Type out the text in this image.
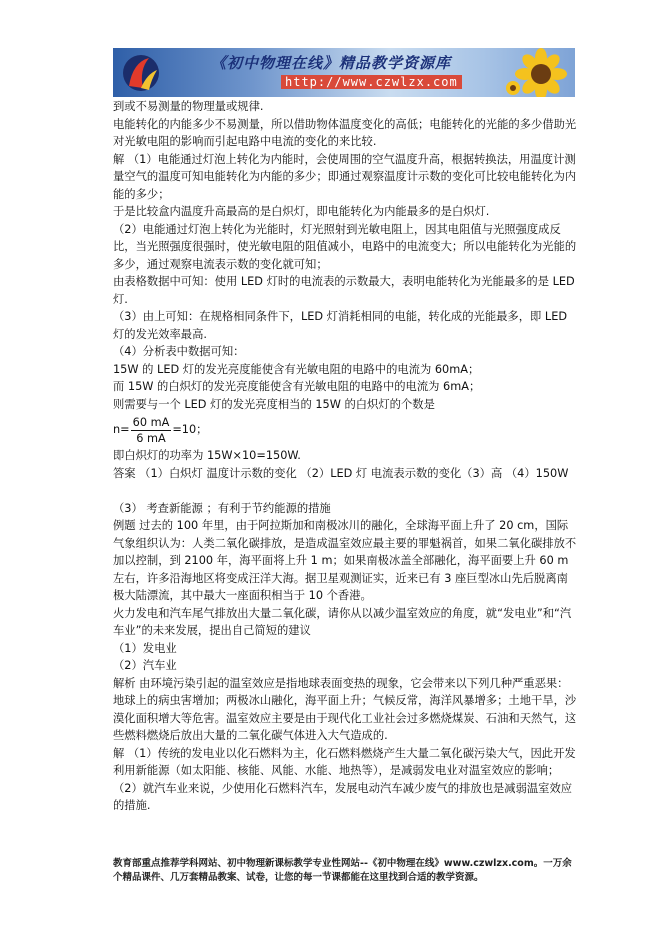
《初中物理在线》精品教学资源库
http://www.czwlzx.com

到或不易测量的物理量或规律.

电能转化的内能多少不易测量，所以借助物体温度变化的高低；电能转化的光能的多少借助光对光敏电阻的影响而引起电路中电流的变化的来比较.

解 （1）电能通过灯泡上转化为内能时，会使周围的空气温度升高，根据转换法，用温度计测量空气的温度可知电能转化为内能的多少；即通过观察温度计示数的变化可比较电能转化为内能的多少；

于是比较盒内温度升高最高的是白炽灯，即电能转化为内能最多的是白炽灯.

（2）电能通过灯泡上转化为光能时，灯光照射到光敏电阻上，因其电阻值与光照强度成反比，当光照强度很强时，使光敏电阻的阻值减小，电路中的电流变大；所以电能转化为光能的多少，通过观察电流表示数的变化就可知；

由表格数据中可知：使用 LED 灯时的电流表的示数最大，表明电能转化为光能最多的是 LED 灯.

（3）由上可知：在规格相同条件下，LED 灯消耗相同的电能，转化成的光能最多，即 LED 灯的发光效率最高.

（4）分析表中数据可知：

15W 的 LED 灯的发光亮度能使含有光敏电阻的电路中的电流为 60mA；

而 15W 的白炽灯的发光亮度能使含有光敏电阻的电路中的电流为 6mA；

则需要与一个 LED 灯的发光亮度相当的 15W 的白炽灯的个数是

$n= \frac{60 mA}{6 mA} =10$；

即白炽灯的功率为 15W×10=150W.

答案 （1）白炽灯 温度计示数的变化 （2）LED 灯 电流表示数的变化（3）高 （4）150W

（3） 考查新能源 ；有利于节约能源的措施

例题 过去的 100 年里，由于阿拉斯加和南极冰川的融化，全球海平面上升了 20 cm，国际气象组织认为：人类二氧化碳排放，是造成温室效应最主要的罪魁祸首，如果二氧化碳排放不加以控制，到 2100 年，海平面将上升 1 m；如果南极冰盖全部融化，海平面要上升 60 m 左右，许多沿海地区将变成汪洋大海。据卫星观测证实，近来已有 3 座巨型冰山先后脱离南极大陆漂流，其中最大一座面积相当于 10 个香港。

火力发电和汽车尾气排放出大量二氧化碳，请你从以减少温室效应的角度，就“发电业”和“汽车业”的未来发展，提出自己简短的建议

（1）发电业

（2）汽车业

解析 由环境污染引起的温室效应是指地球表面变热的现象，它会带来以下列几种严重恶果：地球上的病虫害增加；两极冰山融化，海平面上升；气候反常，海洋风暴增多；土地干旱，沙漠化面积增大等危害。温室效应主要是由于现代化工业社会过多燃烧煤炭、石油和天然气，这些燃料燃烧后放出大量的二氧化碳气体进入大气造成的.

解 （1）传统的发电业以化石燃料为主，化石燃料燃烧产生大量二氧化碳污染大气，因此开发利用新能源（如太阳能、核能、风能、水能、地热等），是减弱发电业对温室效应的影响；

（2）就汽车业来说，少使用化石燃料汽车，发展电动汽车减少废气的排放也是减弱温室效应的措施.

教育部重点推荐学科网站、初中物理新课标教学专业性网站--《初中物理在线》www.czwlzx.com。一万余个精品课件、几万套精品教案、试卷，让您的每一节课都能在这里找到合适的教学资源。
